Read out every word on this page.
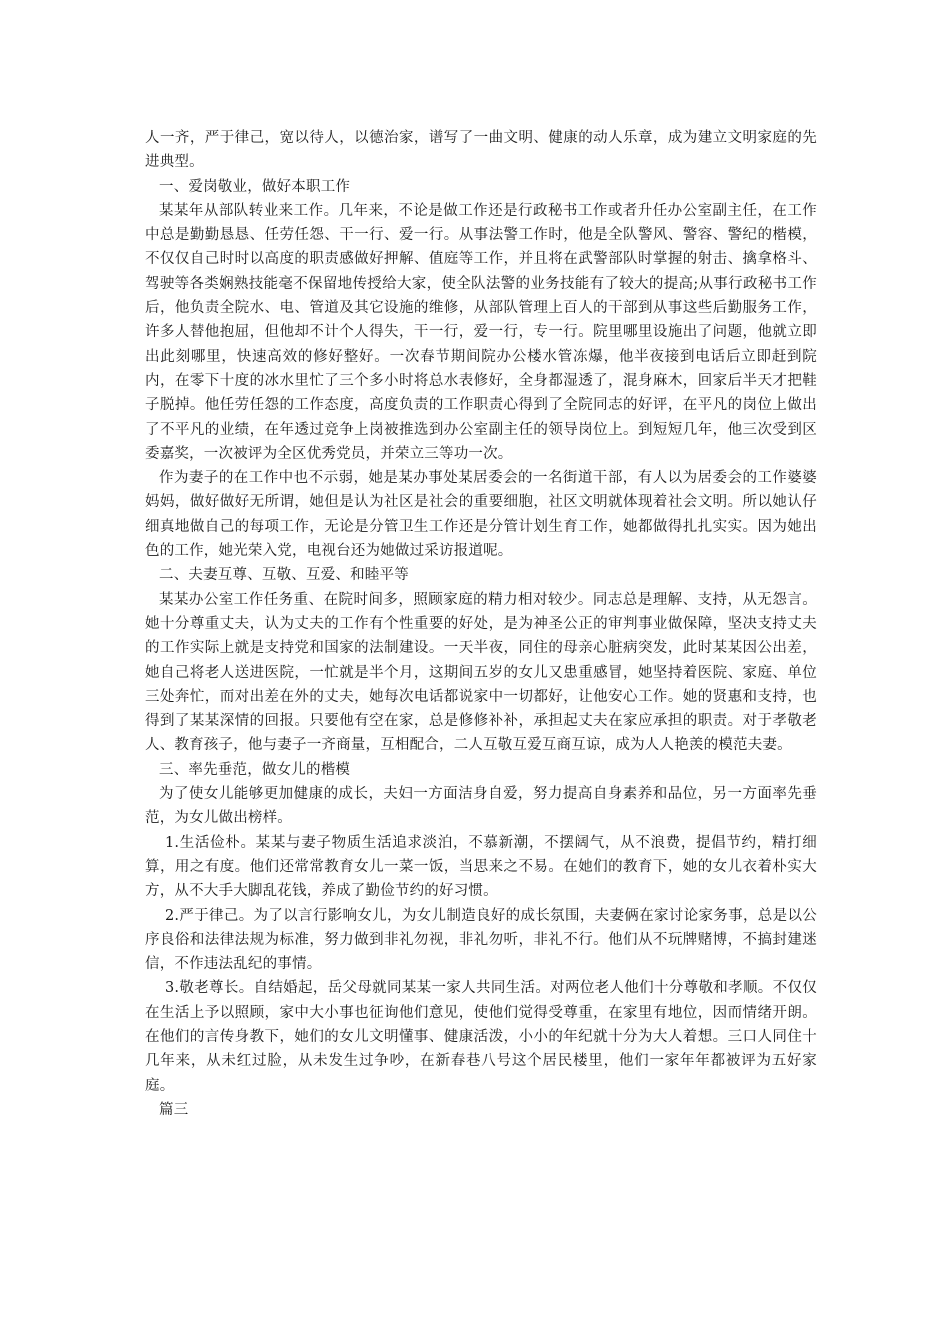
人一齐，严于律己，宽以待人，以德治家，谱写了一曲文明、健康的动人乐章，成为建立文明家庭的先进典型。

一、爱岗敬业，做好本职工作

某某年从部队转业来工作。几年来，不论是做工作还是行政秘书工作或者升任办公室副主任，在工作中总是勤勤恳恳、任劳任怨、干一行、爱一行。从事法警工作时，他是全队警风、警容、警纪的楷模，不仅仅自己时时以高度的职责感做好押解、值庭等工作，并且将在武警部队时掌握的射击、擒拿格斗、驾驶等各类娴熟技能毫不保留地传授给大家，使全队法警的业务技能有了较大的提高;从事行政秘书工作后，他负责全院水、电、管道及其它设施的维修，从部队管理上百人的干部到从事这些后勤服务工作，许多人替他抱屈，但他却不计个人得失，干一行，爱一行，专一行。院里哪里设施出了问题，他就立即出此刻哪里，快速高效的修好整好。一次春节期间院办公楼水管冻爆，他半夜接到电话后立即赶到院内，在零下十度的冰水里忙了三个多小时将总水表修好，全身都湿透了，混身麻木，回家后半天才把鞋子脱掉。他任劳任怨的工作态度，高度负责的工作职责心得到了全院同志的好评，在平凡的岗位上做出了不平凡的业绩，在年透过竞争上岗被推选到办公室副主任的领导岗位上。到短短几年，他三次受到区委嘉奖，一次被评为全区优秀党员，并荣立三等功一次。

作为妻子的在工作中也不示弱，她是某办事处某居委会的一名街道干部，有人以为居委会的工作婆婆妈妈，做好做好无所谓，她但是认为社区是社会的重要细胞，社区文明就体现着社会文明。所以她认仔细真地做自己的每项工作，无论是分管卫生工作还是分管计划生育工作，她都做得扎扎实实。因为她出色的工作，她光荣入党，电视台还为她做过采访报道呢。

二、夫妻互尊、互敬、互爱、和睦平等

某某办公室工作任务重、在院时间多，照顾家庭的精力相对较少。同志总是理解、支持，从无怨言。她十分尊重丈夫，认为丈夫的工作有个性重要的好处，是为神圣公正的审判事业做保障，坚决支持丈夫的工作实际上就是支持党和国家的法制建设。一天半夜，同住的母亲心脏病突发，此时某某因公出差，她自己将老人送进医院，一忙就是半个月，这期间五岁的女儿又患重感冒，她坚持着医院、家庭、单位三处奔忙，而对出差在外的丈夫，她每次电话都说家中一切都好，让他安心工作。她的贤惠和支持，也得到了某某深情的回报。只要他有空在家，总是修修补补，承担起丈夫在家应承担的职责。对于孝敬老人、教育孩子，他与妻子一齐商量，互相配合，二人互敬互爱互商互谅，成为人人艳羡的模范夫妻。

三、率先垂范，做女儿的楷模

为了使女儿能够更加健康的成长，夫妇一方面洁身自爱，努力提高自身素养和品位，另一方面率先垂范，为女儿做出榜样。

1.生活俭朴。某某与妻子物质生活追求淡泊，不慕新潮，不摆阔气，从不浪费，提倡节约，精打细算，用之有度。他们还常常教育女儿一菜一饭，当思来之不易。在她们的教育下，她的女儿衣着朴实大方，从不大手大脚乱花钱，养成了勤俭节约的好习惯。

2.严于律己。为了以言行影响女儿，为女儿制造良好的成长氛围，夫妻俩在家讨论家务事，总是以公序良俗和法律法规为标准，努力做到非礼勿视，非礼勿听，非礼不行。他们从不玩牌赌博，不搞封建迷信，不作违法乱纪的事情。

3.敬老尊长。自结婚起，岳父母就同某某一家人共同生活。对两位老人他们十分尊敬和孝顺。不仅仅在生活上予以照顾，家中大小事也征询他们意见，使他们觉得受尊重，在家里有地位，因而情绪开朗。在他们的言传身教下，她们的女儿文明懂事、健康活泼，小小的年纪就十分为大人着想。三口人同住十几年来，从未红过脸，从未发生过争吵，在新春巷八号这个居民楼里，他们一家年年都被评为五好家庭。

篇三
